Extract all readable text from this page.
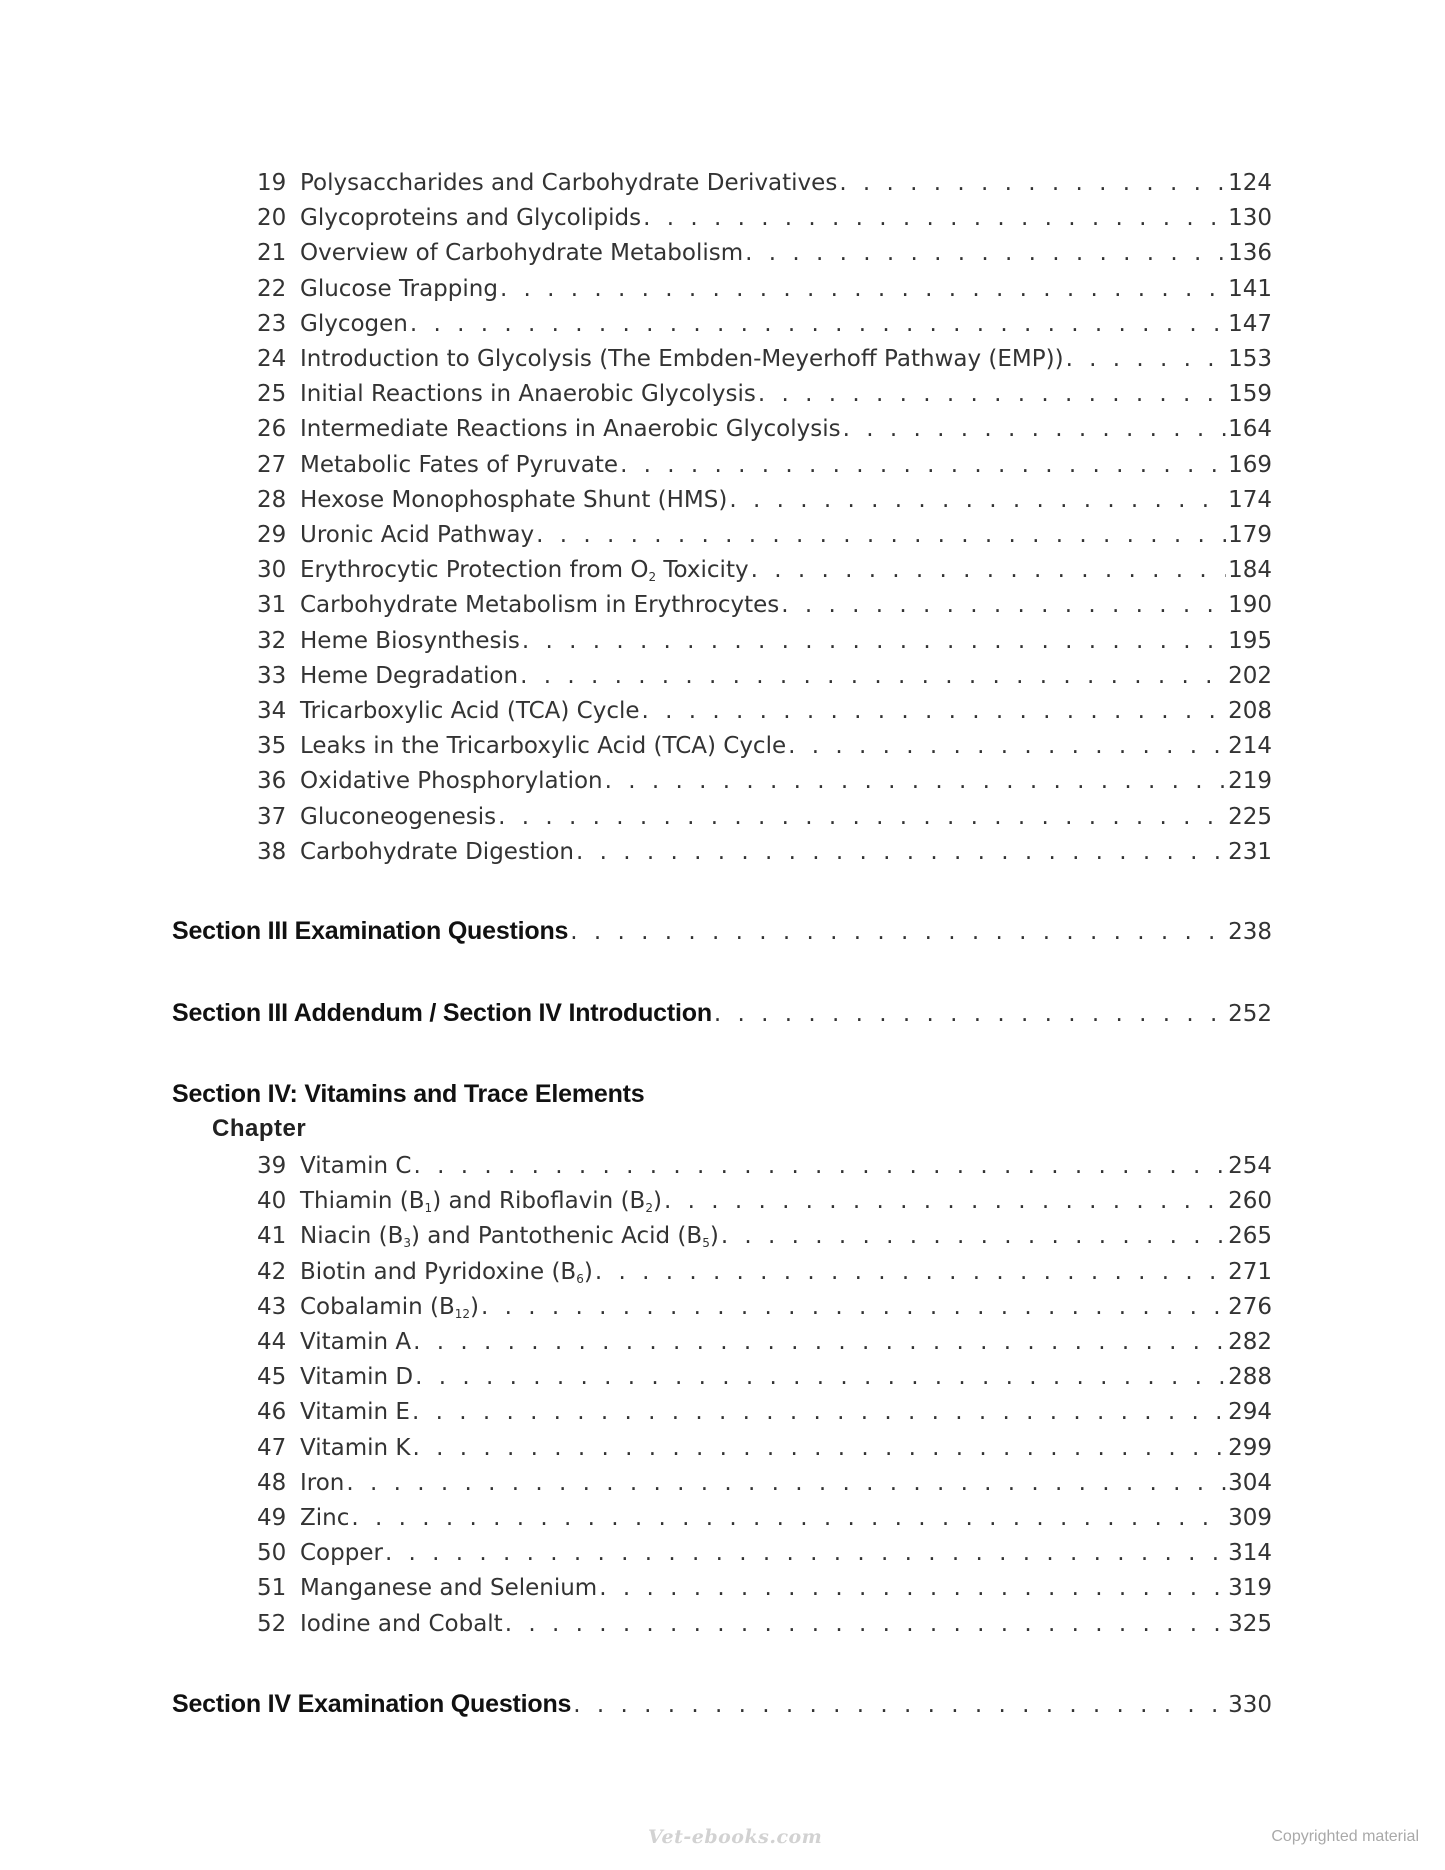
19 Polysaccharides and Carbohydrate Derivatives . . .	124
20 Glycoproteins and Glycolipids . . .	130
21 Overview of Carbohydrate Metabolism . . .	136
22 Glucose Trapping . . .	141
23 Glycogen . . .	147
24 Introduction to Glycolysis (The Embden-Meyerhoff Pathway (EMP)) . . .	153
25 Initial Reactions in Anaerobic Glycolysis . . .	159
26 Intermediate Reactions in Anaerobic Glycolysis . . .	164
27 Metabolic Fates of Pyruvate . . .	169
28 Hexose Monophosphate Shunt (HMS) . . .	174
29 Uronic Acid Pathway . . .	179
30 Erythrocytic Protection from $O_2$ Toxicity . . .	184
31 Carbohydrate Metabolism in Erythrocytes . . .	190
32 Heme Biosynthesis . . .	195
33 Heme Degradation . . .	202
34 Tricarboxylic Acid (TCA) Cycle . . .	208
35 Leaks in the Tricarboxylic Acid (TCA) Cycle . . .	214
36 Oxidative Phosphorylation . . .	219
37 Gluconeogenesis . . .	225
38 Carbohydrate Digestion . . .	231
Section III Examination Questions . . .	238
Section III Addendum / Section IV Introduction . . .	252
Section IV: Vitamins and Trace Elements
Chapter
39 Vitamin C . . .	254
40 Thiamin $(B_1)$ and Riboflavin $(B_2)$ . . .	260
41 Niacin $(B_3)$ and Pantothenic Acid $(B_5)$ . . .	265
42 Biotin and Pyridoxine $(B_6)$ . . .	271
43 Cobalamin $(B_{12})$ . . .	276
44 Vitamin A . . .	282
45 Vitamin D . . .	288
46 Vitamin E . . .	294
47 Vitamin K . . .	299
48 Iron . . .	304
49 Zinc . . .	309
50 Copper . . .	314
51 Manganese and Selenium . . .	319
52 Iodine and Cobalt . . .	325
Section IV Examination Questions . . .	330
Vet-ebooks.com	Copyrighted material
